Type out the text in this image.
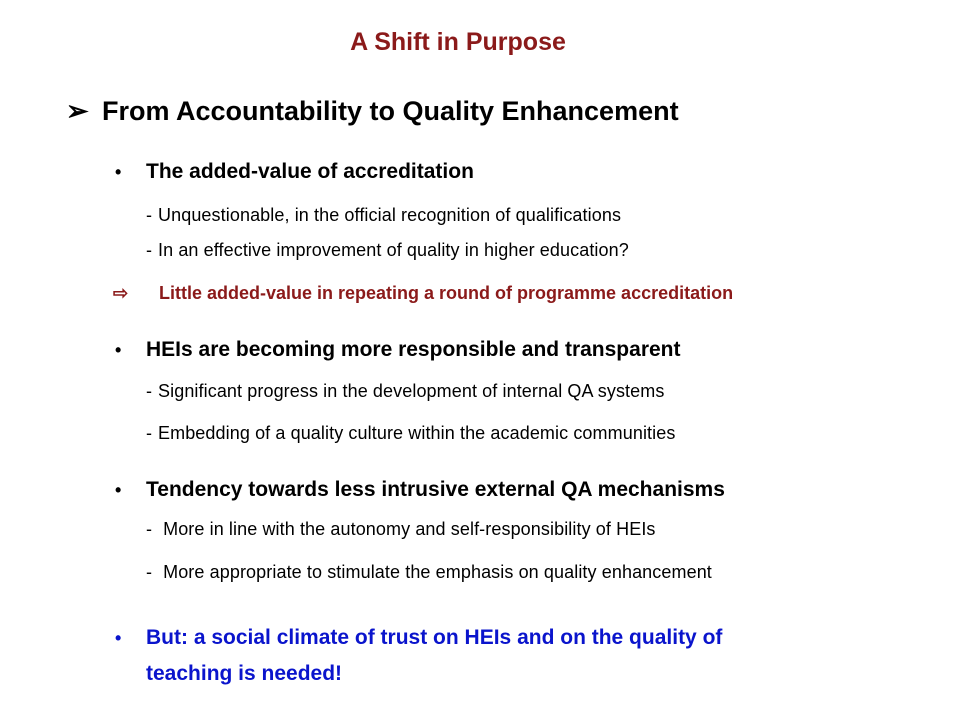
A Shift in Purpose
➢ From Accountability to Quality Enhancement
• The added-value of accreditation
- Unquestionable, in the official recognition of qualifications
- In an effective improvement of quality in higher education?
⇨ Little added-value in repeating a round of programme accreditation
• HEIs are becoming more responsible and transparent
- Significant progress in the development of internal QA systems
- Embedding of a quality culture within the academic communities
• Tendency towards less intrusive external QA mechanisms
- More in line with the autonomy and self-responsibility of HEIs
- More appropriate to stimulate the emphasis on quality enhancement
• But: a social climate of trust on HEIs and on the quality of
teaching is needed!
